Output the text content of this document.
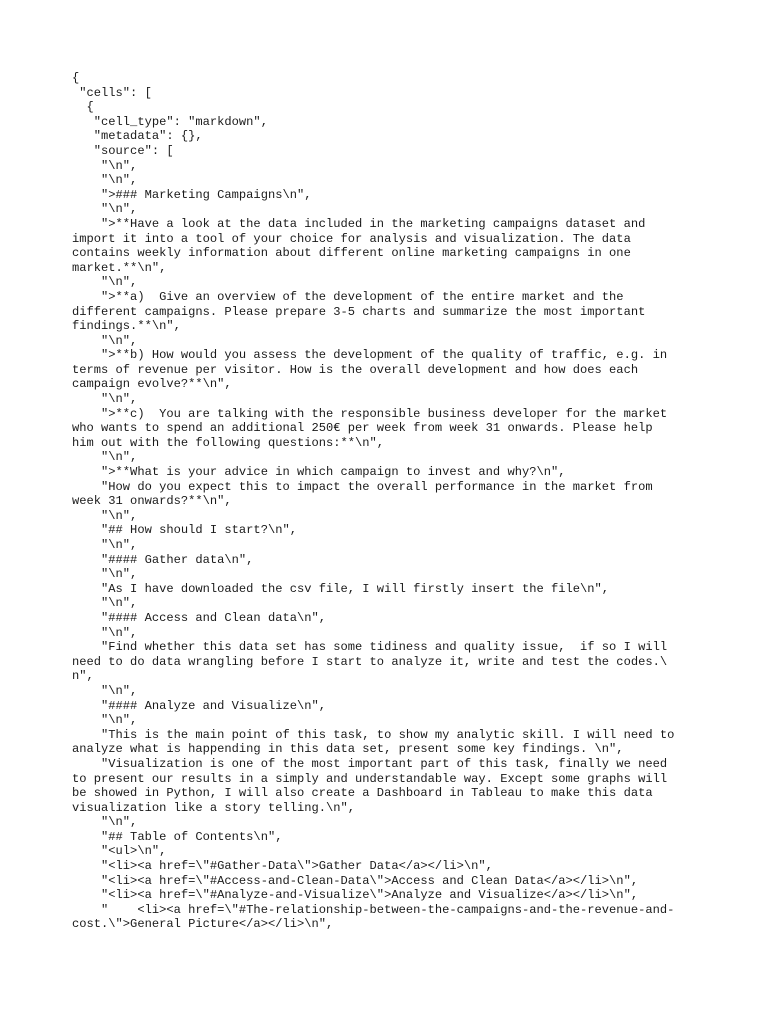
{
"cells": [
{
"cell_type": "markdown",
"metadata": {},
"source": [
"\n",
"\n",
">### Marketing Campaigns\n",
"\n",
">**Have a look at the data included in the marketing campaigns dataset and
import it into a tool of your choice for analysis and visualization. The data
contains weekly information about different online marketing campaigns in one
market.**\n",
"\n",
">**a)  Give an overview of the development of the entire market and the
different campaigns. Please prepare 3-5 charts and summarize the most important
findings.**\n",
"\n",
">**b) How would you assess the development of the quality of traffic, e.g. in
terms of revenue per visitor. How is the overall development and how does each
campaign evolve?**\n",
"\n",
">**c)  You are talking with the responsible business developer for the market
who wants to spend an additional 250€ per week from week 31 onwards. Please help
him out with the following questions:**\n",
"\n",
">**What is your advice in which campaign to invest and why?\n",
"How do you expect this to impact the overall performance in the market from
week 31 onwards?**\n",
"\n",
"## How should I start?\n",
"\n",
"#### Gather data\n",
"\n",
"As I have downloaded the csv file, I will firstly insert the file\n",
"\n",
"#### Access and Clean data\n",
"\n",
"Find whether this data set has some tidiness and quality issue,  if so I will
need to do data wrangling before I start to analyze it, write and test the codes.\
n",
"\n",
"#### Analyze and Visualize\n",
"\n",
"This is the main point of this task, to show my analytic skill. I will need to
analyze what is happending in this data set, present some key findings. \n",
"Visualization is one of the most important part of this task, finally we need
to present our results in a simply and understandable way. Except some graphs will
be showed in Python, I will also create a Dashboard in Tableau to make this data
visualization like a story telling.\n",
"\n",
"## Table of Contents\n",
"<ul>\n",
"<li><a href=\"#Gather-Data\">Gather Data</a></li>\n",
"<li><a href=\"#Access-and-Clean-Data\">Access and Clean Data</a></li>\n",
"<li><a href=\"#Analyze-and-Visualize\">Analyze and Visualize</a></li>\n",
"    <li><a href=\"#The-relationship-between-the-campaigns-and-the-revenue-and-
cost.\">General Picture</a></li>\n",
